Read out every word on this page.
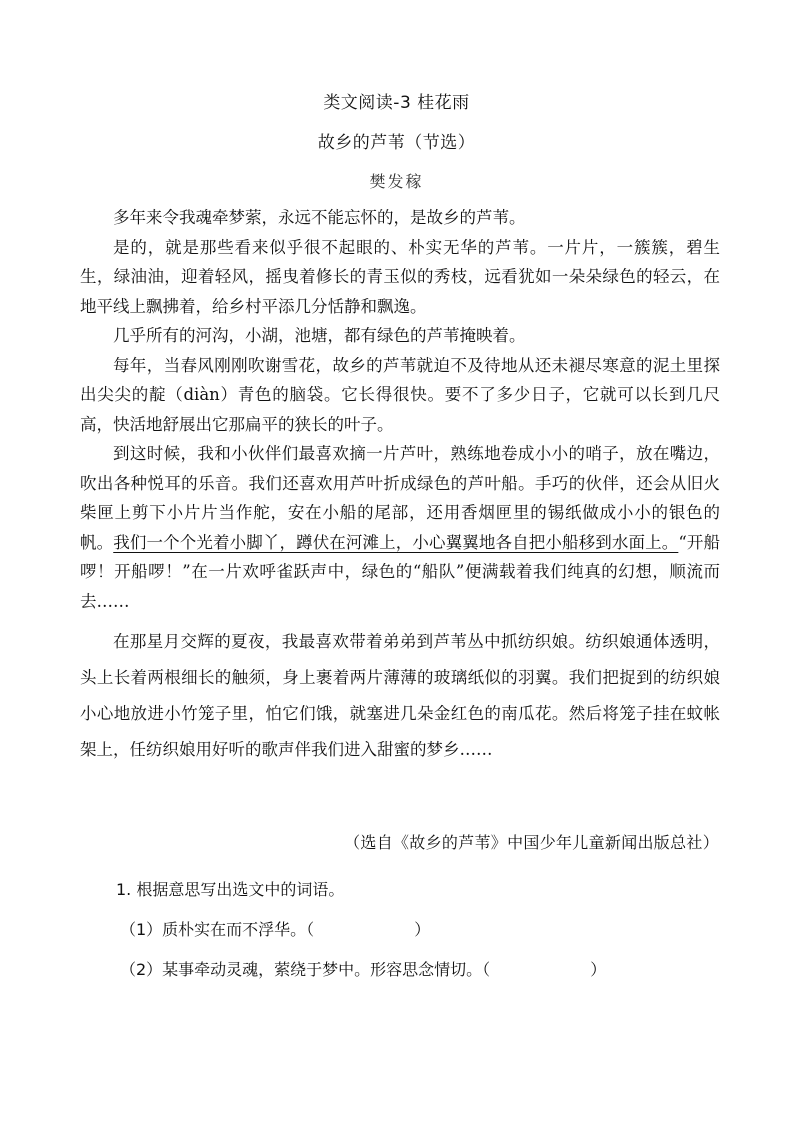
类文阅读-3 桂花雨
故乡的芦苇（节选）
樊发稼

多年来令我魂牵梦萦，永远不能忘怀的，是故乡的芦苇。

是的，就是那些看来似乎很不起眼的、朴实无华的芦苇。一片片，一簇簇，碧生生，绿油油，迎着轻风，摇曳着修长的青玉似的秀枝，远看犹如一朵朵绿色的轻云，在地平线上飘拂着，给乡村平添几分恬静和飘逸。

几乎所有的河沟，小湖，池塘，都有绿色的芦苇掩映着。

每年，当春风刚刚吹谢雪花，故乡的芦苇就迫不及待地从还未褪尽寒意的泥土里探出尖尖的靛（diàn）青色的脑袋。它长得很快。要不了多少日子，它就可以长到几尺高，快活地舒展出它那扁平的狭长的叶子。

到这时候，我和小伙伴们最喜欢摘一片芦叶，熟练地卷成小小的哨子，放在嘴边，吹出各种悦耳的乐音。我们还喜欢用芦叶折成绿色的芦叶船。手巧的伙伴，还会从旧火柴匣上剪下小片片当作舵，安在小船的尾部，还用香烟匣里的锡纸做成小小的银色的帆。我们一个个光着小脚丫，蹲伏在河滩上，小心翼翼地各自把小船移到水面上。“开船啰！开船啰！”在一片欢呼雀跃声中，绿色的“船队”便满载着我们纯真的幻想，顺流而去……

在那星月交辉的夏夜，我最喜欢带着弟弟到芦苇丛中抓纺织娘。纺织娘通体透明，头上长着两根细长的触须，身上裹着两片薄薄的玻璃纸似的羽翼。我们把捉到的纺织娘小心地放进小竹笼子里，怕它们饿，就塞进几朵金红色的南瓜花。然后将笼子挂在蚊帐架上，任纺织娘用好听的歌声伴我们进入甜蜜的梦乡……

（选自《故乡的芦苇》中国少年儿童新闻出版总社）
1. 根据意思写出选文中的词语。
（1）质朴实在而不浮华。（	）
（2）某事牵动灵魂，萦绕于梦中。形容思念情切。（	）
